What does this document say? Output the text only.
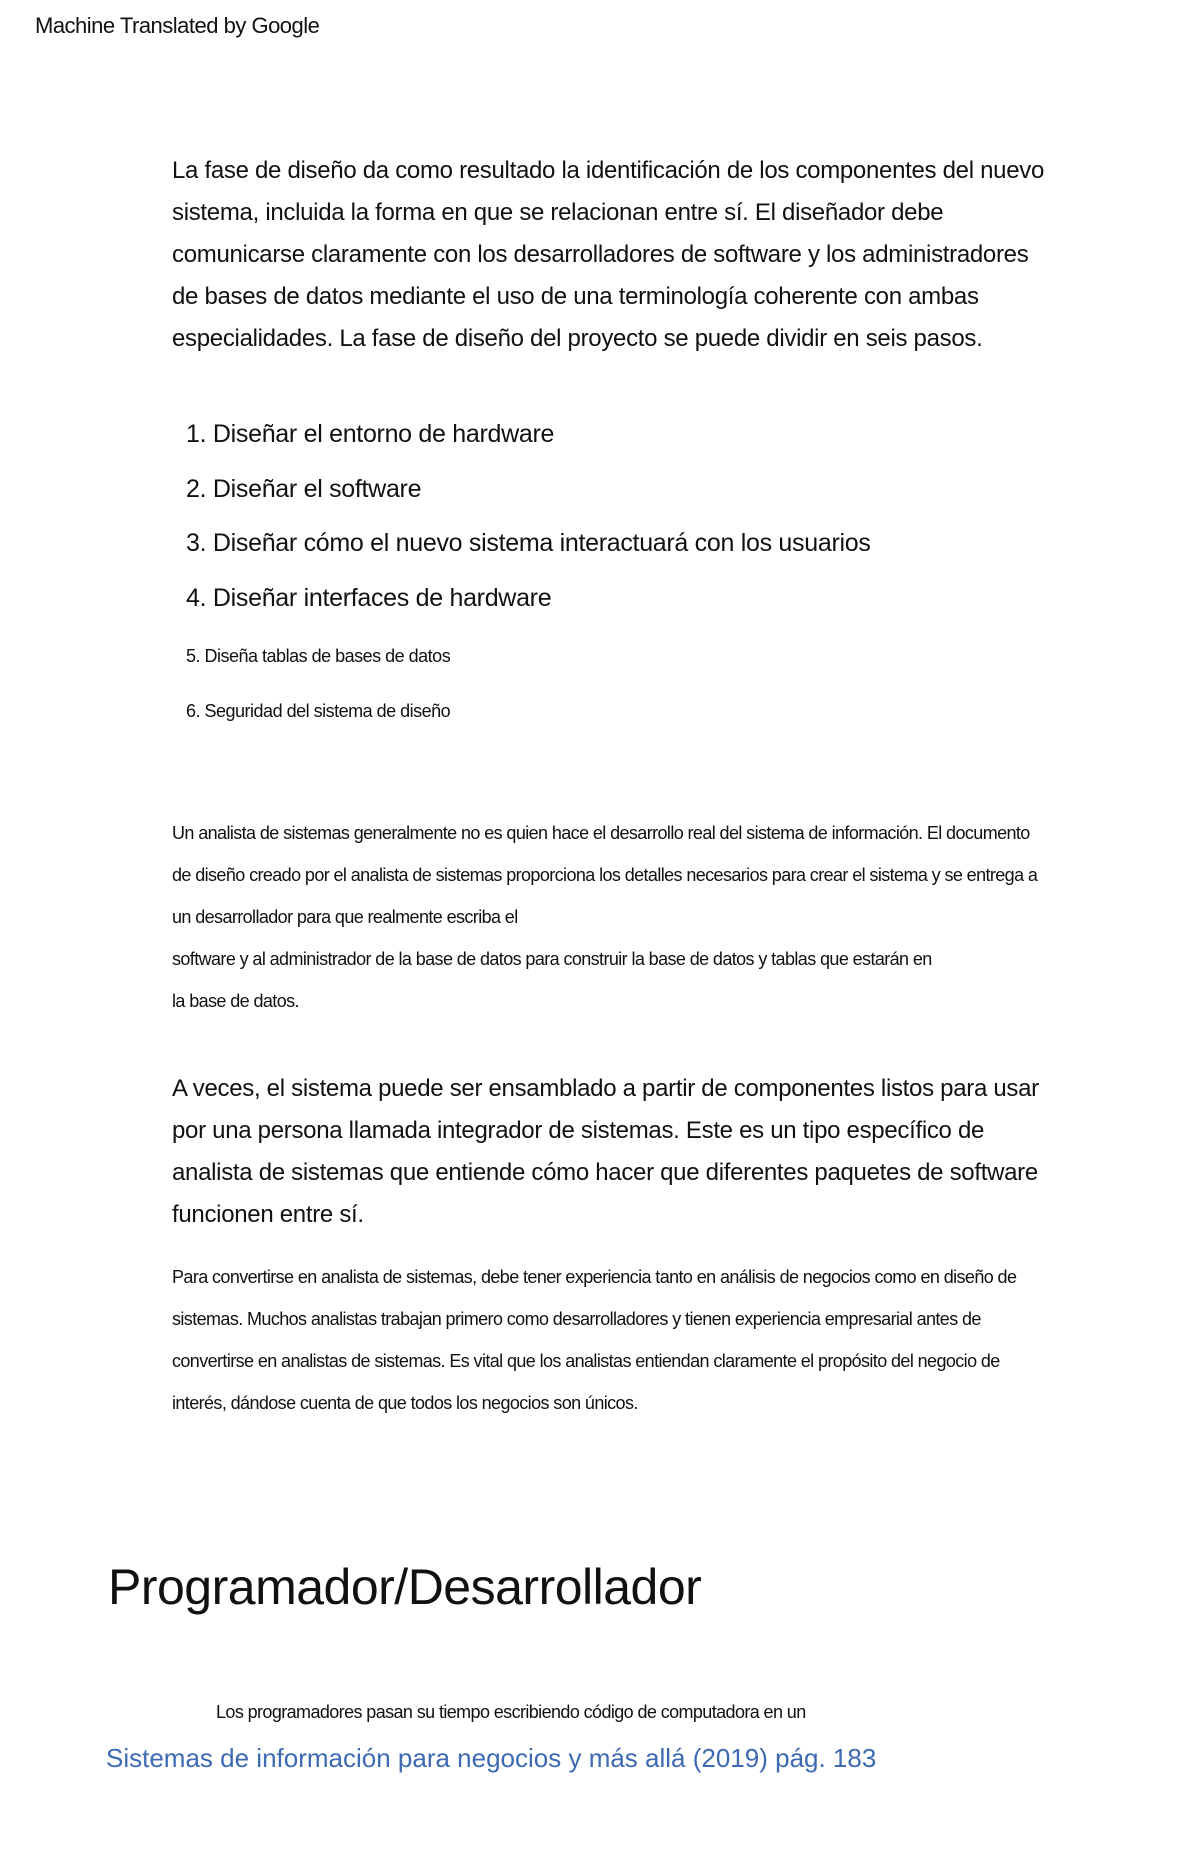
Machine Translated by Google

La fase de diseño da como resultado la identificación de los componentes del nuevo sistema, incluida la forma en que se relacionan entre sí. El diseñador debe comunicarse claramente con los desarrolladores de software y los administradores de bases de datos mediante el uso de una terminología coherente con ambas especialidades. La fase de diseño del proyecto se puede dividir en seis pasos.

1. Diseñar el entorno de hardware
2. Diseñar el software
3. Diseñar cómo el nuevo sistema interactuará con los usuarios
4. Diseñar interfaces de hardware
5. Diseña tablas de bases de datos
6. Seguridad del sistema de diseño
Un analista de sistemas generalmente no es quien hace el desarrollo real del sistema de información. El documento de diseño creado por el analista de sistemas proporciona los detalles necesarios para crear el sistema y se entrega a un desarrollador para que realmente escriba el
software y al administrador de la base de datos para construir la base de datos y tablas que estarán en la base de datos.

A veces, el sistema puede ser ensamblado a partir de componentes listos para usar por una persona llamada integrador de sistemas. Este es un tipo específico de analista de sistemas que entiende cómo hacer que diferentes paquetes de software funcionen entre sí.

Para convertirse en analista de sistemas, debe tener experiencia tanto en análisis de negocios como en diseño de sistemas. Muchos analistas trabajan primero como desarrolladores y tienen experiencia empresarial antes de convertirse en analistas de sistemas. Es vital que los analistas entiendan claramente el propósito del negocio de interés, dándose cuenta de que todos los negocios son únicos.

Programador/Desarrollador
Los programadores pasan su tiempo escribiendo código de computadora en un
Sistemas de información para negocios y más allá (2019) pág. 183
